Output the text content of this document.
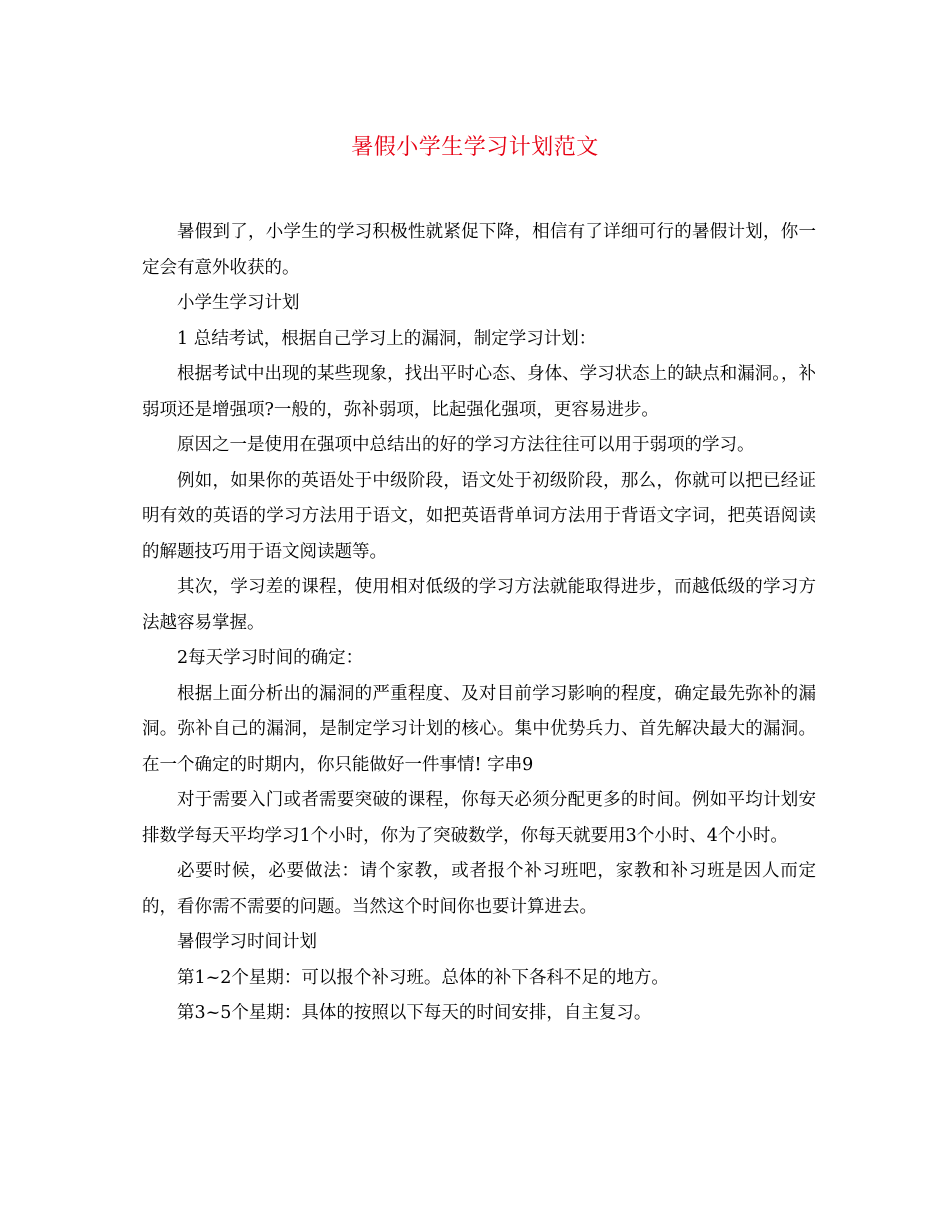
暑假小学生学习计划范文

暑假到了，小学生的学习积极性就紧促下降，相信有了详细可行的暑假计划，你一定会有意外收获的。

小学生学习计划

1 总结考试，根据自己学习上的漏洞，制定学习计划：

根据考试中出现的某些现象，找出平时心态、身体、学习状态上的缺点和漏洞。，补弱项还是增强项?一般的，弥补弱项，比起强化强项，更容易进步。

原因之一是使用在强项中总结出的好的学习方法往往可以用于弱项的学习。

例如，如果你的英语处于中级阶段，语文处于初级阶段，那么，你就可以把已经证明有效的英语的学习方法用于语文，如把英语背单词方法用于背语文字词，把英语阅读的解题技巧用于语文阅读题等。

其次，学习差的课程，使用相对低级的学习方法就能取得进步，而越低级的学习方法越容易掌握。

2每天学习时间的确定：

根据上面分析出的漏洞的严重程度、及对目前学习影响的程度，确定最先弥补的漏洞。弥补自己的漏洞，是制定学习计划的核心。集中优势兵力、首先解决最大的漏洞。在一个确定的时期内，你只能做好一件事情! 字串9

对于需要入门或者需要突破的课程，你每天必须分配更多的时间。例如平均计划安排数学每天平均学习1个小时，你为了突破数学，你每天就要用3个小时、4个小时。

必要时候，必要做法：请个家教，或者报个补习班吧，家教和补习班是因人而定的，看你需不需要的问题。当然这个时间你也要计算进去。

暑假学习时间计划

第1~2个星期：可以报个补习班。总体的补下各科不足的地方。

第3~5个星期：具体的按照以下每天的时间安排，自主复习。
